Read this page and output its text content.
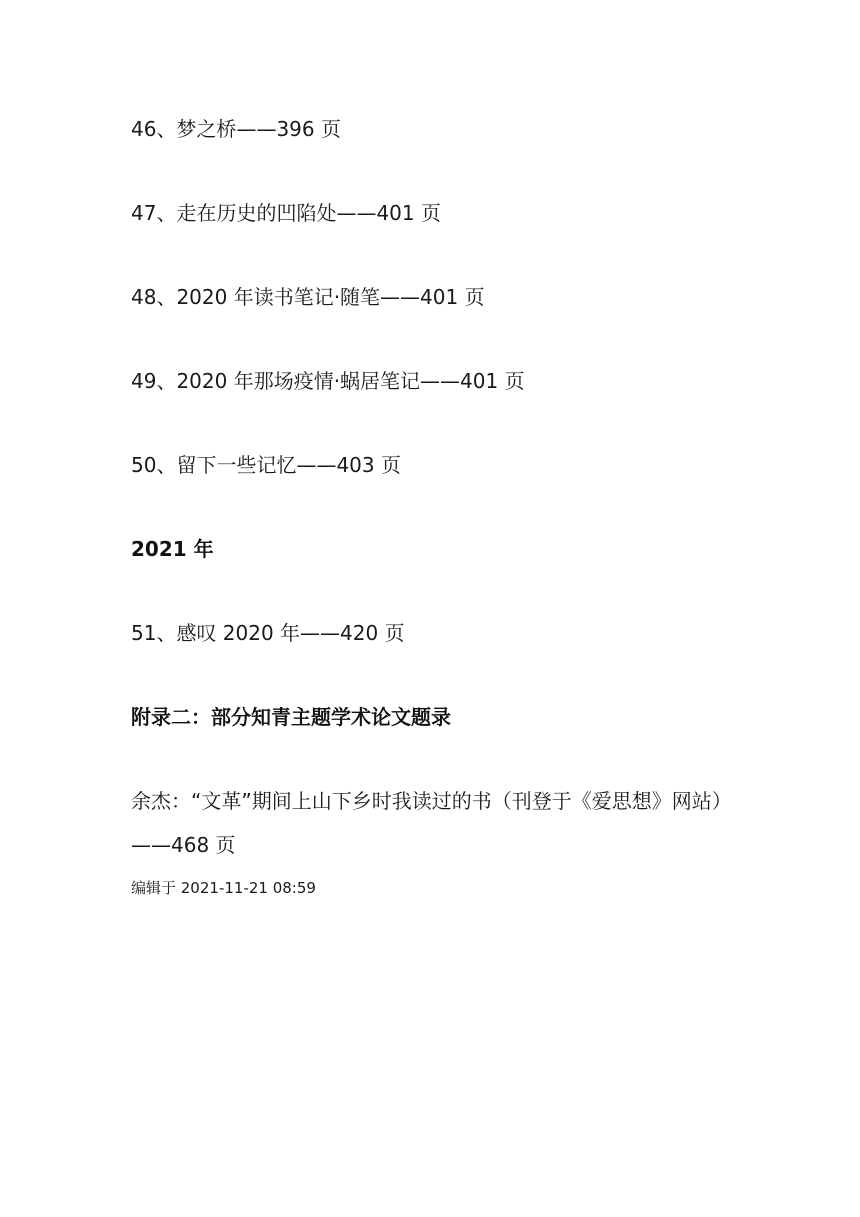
46、梦之桥——396 页
47、走在历史的凹陷处——401 页
48、2020 年读书笔记·随笔——401 页
49、2020 年那场疫情·蜗居笔记——401 页
50、留下一些记忆——403 页
2021 年
51、感叹 2020 年——420 页
附录二：部分知青主题学术论文题录
余杰：“文革”期间上山下乡时我读过的书（刊登于《爱思想》网站）
——468 页
编辑于 2021-11-21 08:59
